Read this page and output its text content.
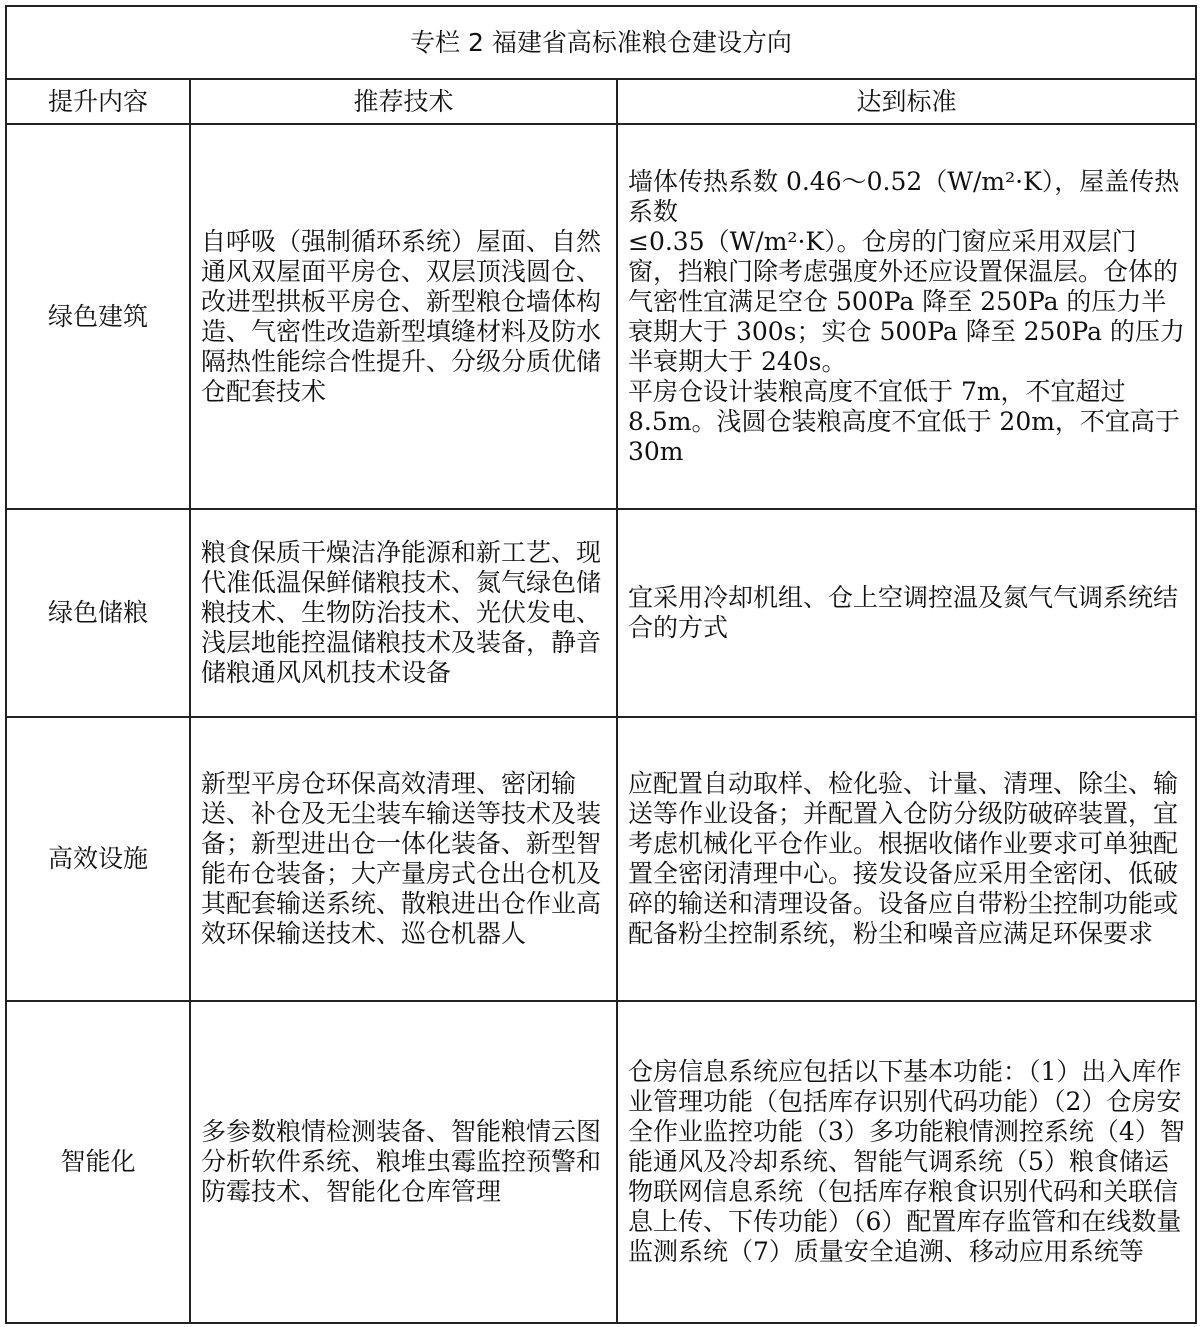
专栏 2 福建省高标准粮仓建设方向		
提升内容	推荐技术	达到标准
绿色建筑	自呼吸（强制循环系统）屋面、自然通风双屋面平房仓、双层顶浅圆仓、改进型拱板平房仓、新型粮仓墙体构造、气密性改造新型填缝材料及防水隔热性能综合性提升、分级分质优储仓配套技术	墙体传热系数 0.46～0.52（W/m²·K），屋盖传热系数
≤0.35（W/m²·K）。仓房的门窗应采用双层门窗，挡粮门除考虑强度外还应设置保温层。仓体的气密性宜满足空仓 500Pa 降至 250Pa 的压力半衰期大于 300s；实仓 500Pa 降至 250Pa 的压力半衰期大于 240s。
平房仓设计装粮高度不宜低于 7m，不宜超过 8.5m。浅圆仓装粮高度不宜低于 20m，不宜高于 30m

绿色储粮	粮食保质干燥洁净能源和新工艺、现代准低温保鲜储粮技术、氮气绿色储粮技术、生物防治技术、光伏发电、浅层地能控温储粮技术及装备，静音储粮通风风机技术设备	宜采用冷却机组、仓上空调控温及氮气气调系统结合的方式

高效设施	新型平房仓环保高效清理、密闭输送、补仓及无尘装车输送等技术及装备；新型进出仓一体化装备、新型智能布仓装备；大产量房式仓出仓机及其配套输送系统、散粮进出仓作业高效环保输送技术、巡仓机器人	应配置自动取样、检化验、计量、清理、除尘、输送等作业设备；并配置入仓防分级防破碎装置，宜考虑机械化平仓作业。根据收储作业要求可单独配置全密闭清理中心。接发设备应采用全密闭、低破碎的输送和清理设备。设备应自带粉尘控制功能或配备粉尘控制系统，粉尘和噪音应满足环保要求

智能化	多参数粮情检测装备、智能粮情云图分析软件系统、粮堆虫霉监控预警和防霉技术、智能化仓库管理	仓房信息系统应包括以下基本功能：（1）出入库作业管理功能（包括库存识别代码功能）（2）仓房安全作业监控功能（3）多功能粮情测控系统（4）智能通风及冷却系统、智能气调系统（5）粮食储运物联网信息系统（包括库存粮食识别代码和关联信息上传、下传功能）（6）配置库存监管和在线数量监测系统（7）质量安全追溯、移动应用系统等
